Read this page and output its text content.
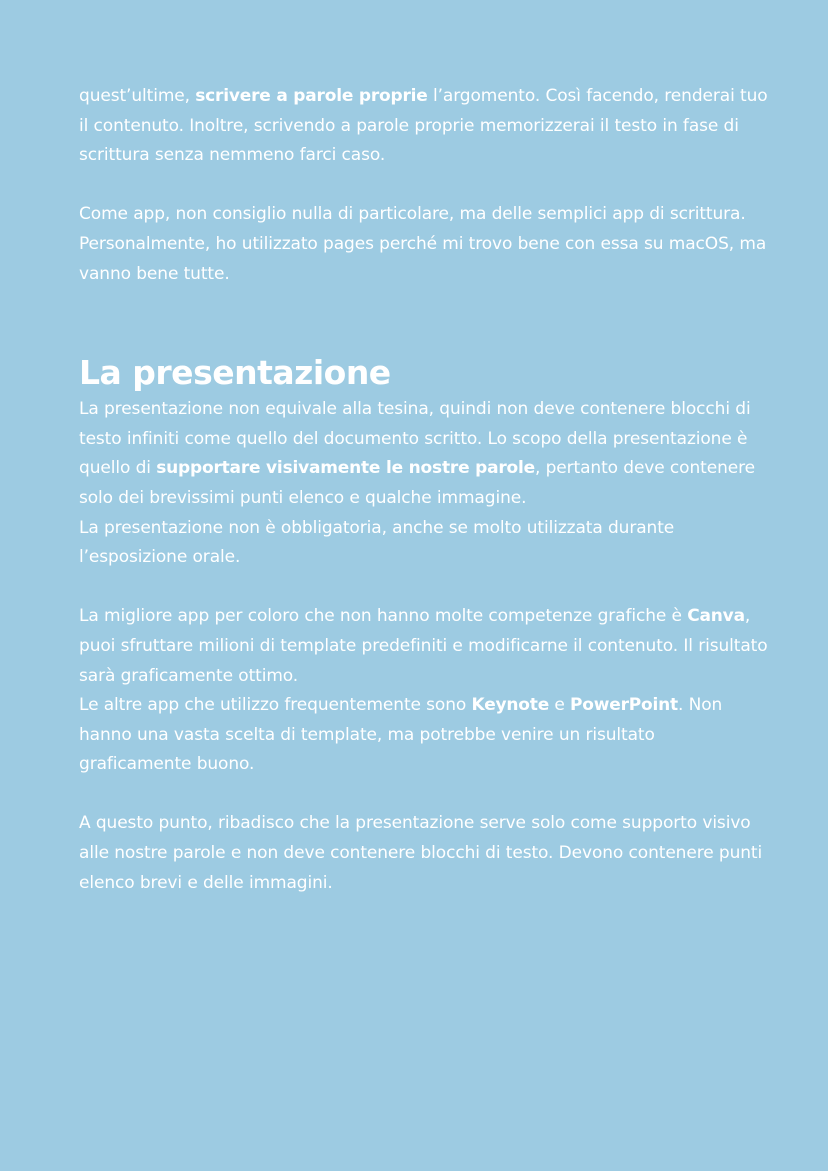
quest’ultime, scrivere a parole proprie l’argomento. Così facendo, renderai tuo il contenuto. Inoltre, scrivendo a parole proprie memorizzerai il testo in fase di scrittura senza nemmeno farci caso.

Come app, non consiglio nulla di particolare, ma delle semplici app di scrittura. Personalmente, ho utilizzato pages perché mi trovo bene con essa su macOS, ma vanno bene tutte.

La presentazione

La presentazione non equivale alla tesina, quindi non deve contenere blocchi di testo infiniti come quello del documento scritto. Lo scopo della presentazione è quello di supportare visivamente le nostre parole, pertanto deve contenere solo dei brevissimi punti elenco e qualche immagine.

La presentazione non è obbligatoria, anche se molto utilizzata durante l’esposizione orale.

La migliore app per coloro che non hanno molte competenze grafiche è Canva, puoi sfruttare milioni di template predefiniti e modificarne il contenuto. Il risultato sarà graficamente ottimo.

Le altre app che utilizzo frequentemente sono Keynote e PowerPoint. Non hanno una vasta scelta di template, ma potrebbe venire un risultato graficamente buono.

A questo punto, ribadisco che la presentazione serve solo come supporto visivo alle nostre parole e non deve contenere blocchi di testo. Devono contenere punti elenco brevi e delle immagini.
